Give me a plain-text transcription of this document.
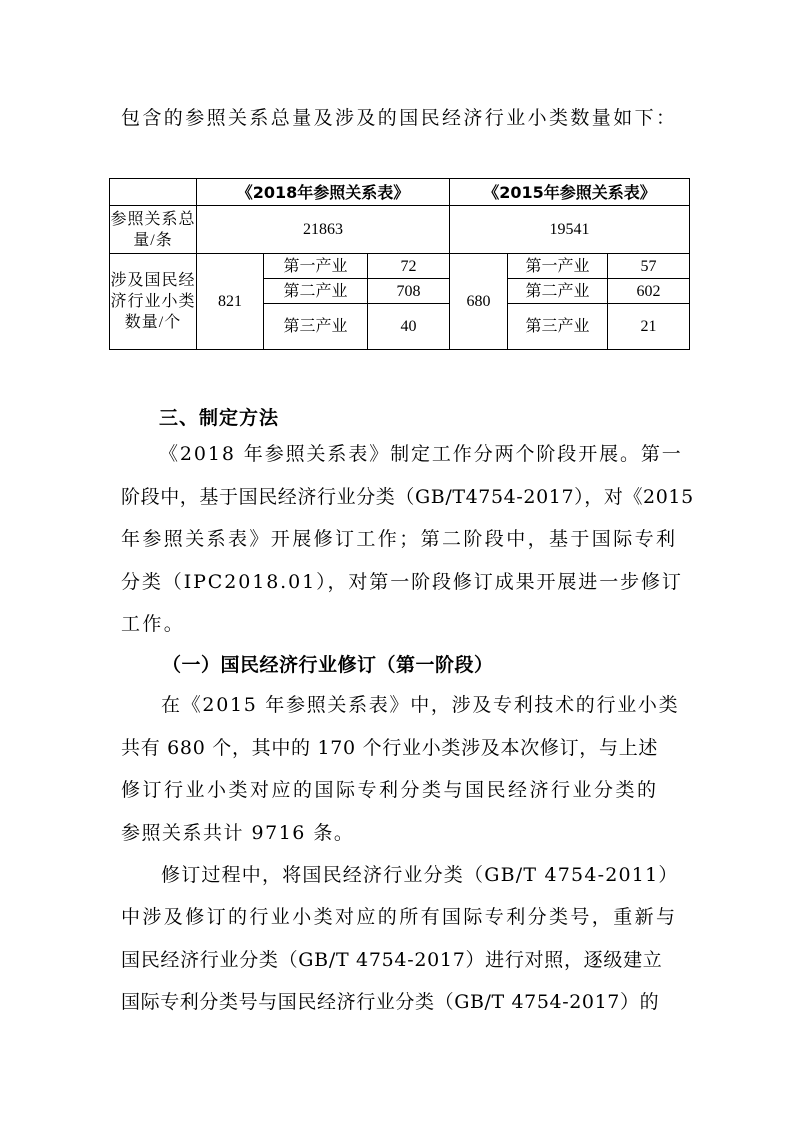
包含的参照关系总量及涉及的国民经济行业小类数量如下：
	《2018年参照关系表》			《2015年参照关系表》		
参照关系总量/条	21863			19541		
涉及国民经济行业小类数量/个	821	第一产业	72	680	第一产业	57
		第二产业	708		第二产业	602
		第三产业	40		第三产业	21
三、制定方法
《2018 年参照关系表》制定工作分两个阶段开展。第一
阶段中，基于国民经济行业分类（GB/T4754-2017），对《2015
年参照关系表》开展修订工作；第二阶段中，基于国际专利
分类（IPC2018.01），对第一阶段修订成果开展进一步修订
工作。
（一）国民经济行业修订（第一阶段）
在《2015 年参照关系表》中，涉及专利技术的行业小类
共有 680 个，其中的 170 个行业小类涉及本次修订，与上述
修订行业小类对应的国际专利分类与国民经济行业分类的
参照关系共计 9716 条。
修订过程中，将国民经济行业分类（GB/T 4754-2011）
中涉及修订的行业小类对应的所有国际专利分类号，重新与
国民经济行业分类（GB/T 4754-2017）进行对照，逐级建立
国际专利分类号与国民经济行业分类（GB/T 4754-2017）的
